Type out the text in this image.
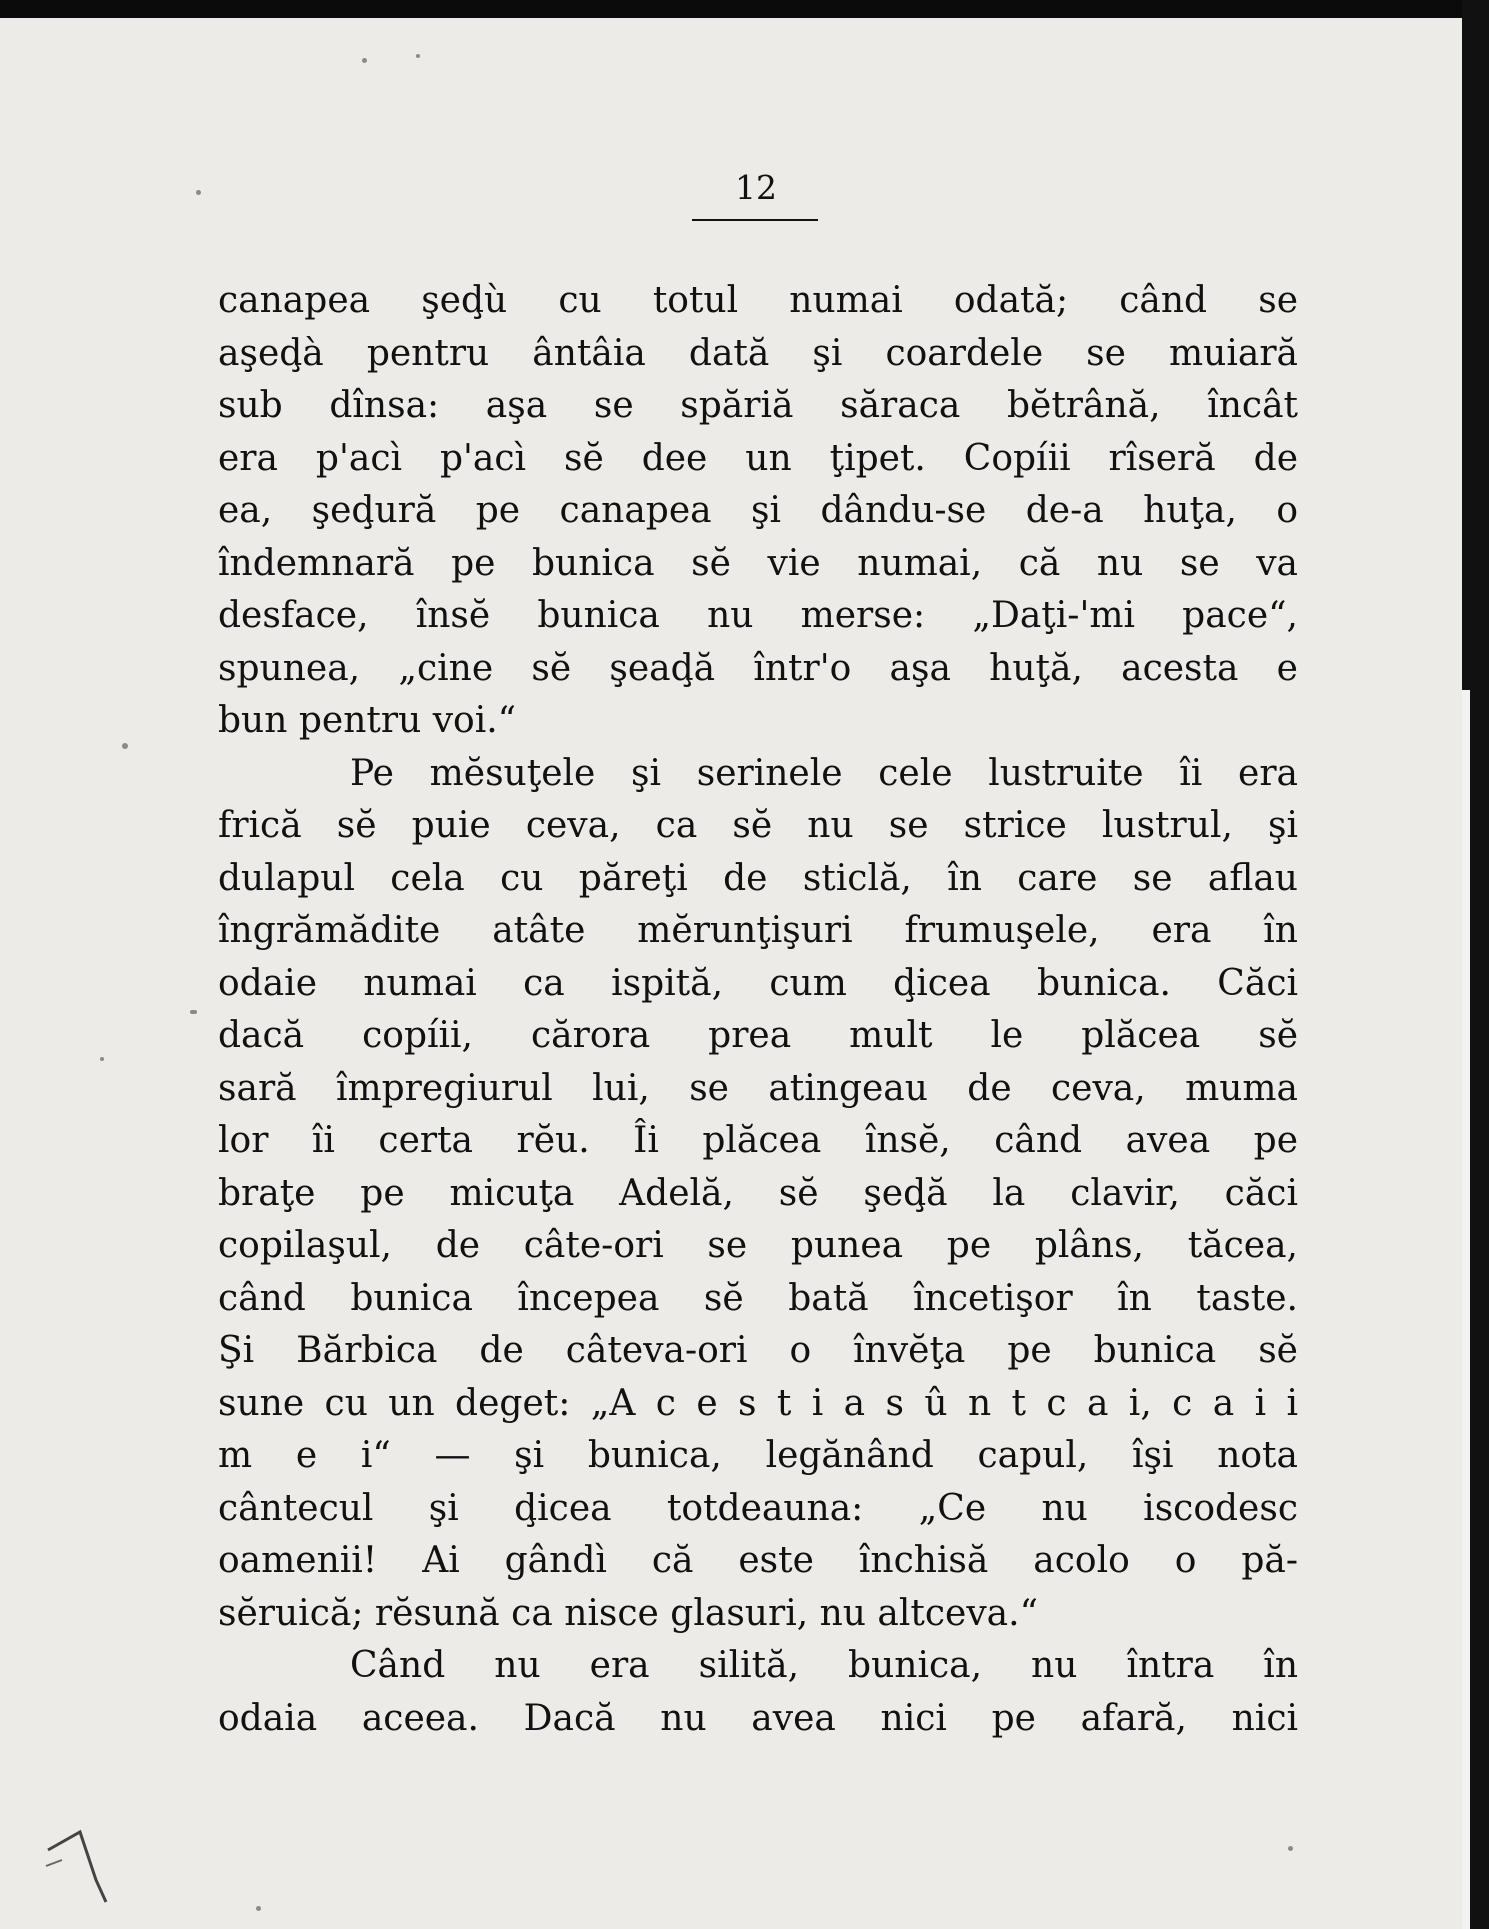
12

canapea şeḑù cu totul numai odată; când se
aşeḑà pentru ântâia dată şi coardele se muiară
sub dînsa: aşa se spăriă săraca bĕtrână, încât
era p'acì p'acì sĕ dee un ţipet. Copíii rîseră de
ea, şeḑură pe canapea şi dându-se de-a huţa, o
îndemnară pe bunica sĕ vie numai, că nu se va
desface, însĕ bunica nu merse: „Daţi-'mi pace“,
spunea, „cine sĕ şeaḑă într'o aşa huţă, acesta e
bun pentru voi.“
Pe mĕsuţele şi serinele cele lustruite îi era
frică sĕ puie ceva, ca sĕ nu se strice lustrul, şi
dulapul cela cu păreţi de sticlă, în care se aflau
îngrămădite atâte mĕrunţişuri frumuşele, era în
odaie numai ca ispită, cum ḑicea bunica. Căci
dacă copíii, cărora prea mult le plăcea sĕ
sară împregiurul lui, se atingeau de ceva, muma
lor îi certa rĕu. Îi plăcea însĕ, când avea pe
braţe pe micuţa Adelă, sĕ şeḑă la clavir, căci
copilaşul, de câte-ori se punea pe plâns, tăcea,
când bunica începea sĕ bată încetişor în taste.
Şi Bărbica de câteva-ori o învĕţa pe bunica sĕ
sune cu un deget: „A c e s t i a s û n t c a i, c a i i
m e i“ — şi bunica, legănând capul, îşi nota
cântecul şi ḑicea totdeauna: „Ce nu iscodesc
oamenii! Ai gândì că este închisă acolo o pă-
sĕruică; rĕsună ca nisce glasuri, nu altceva.“
Când nu era silită, bunica, nu întra în
odaia aceea. Dacă nu avea nici pe afară, nici
